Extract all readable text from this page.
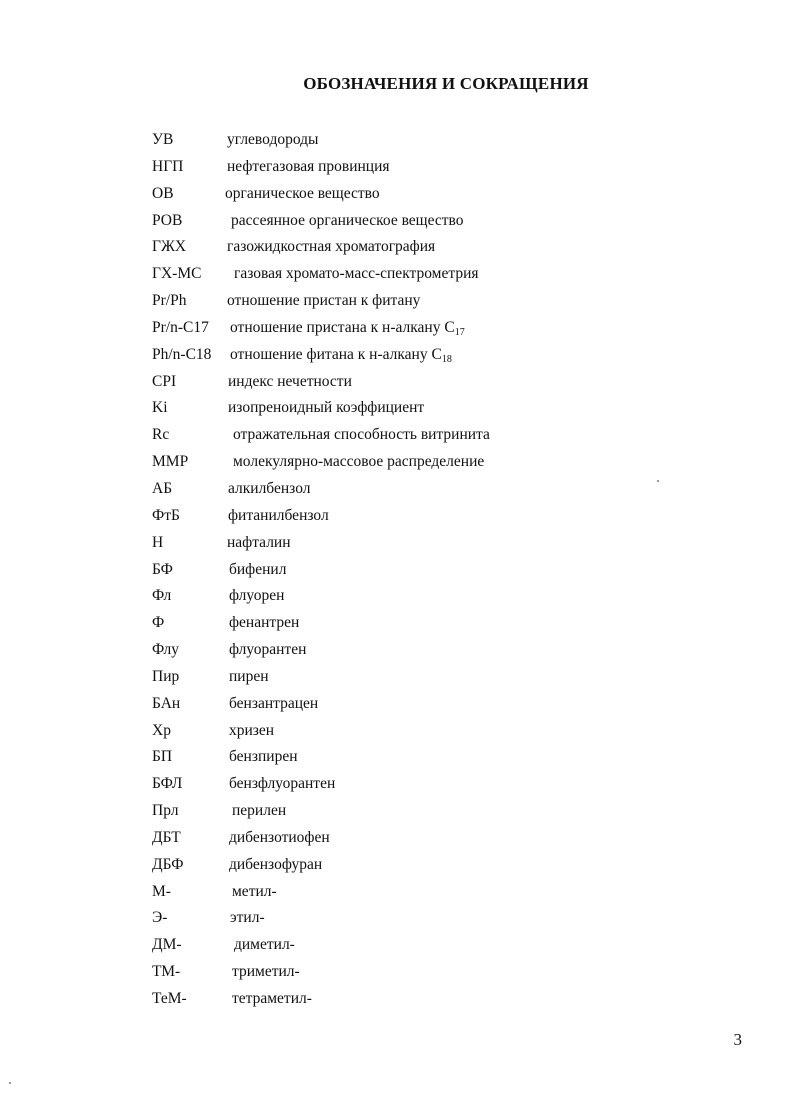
ОБОЗНАЧЕНИЯ И СОКРАЩЕНИЯ
УВ	углеводороды
НГП	нефтегазовая провинция
ОВ	органическое вещество
РОВ	рассеянное органическое вещество
ГЖХ	газожидкостная хроматография
ГХ-МС газовая хромато-масс-спектрометрия
Pr/Ph	отношение пристан к фитану
Pr/n-C17 отношение пристана к н-алкану $C_{17}$
Ph/n-C18 отношение фитана к н-алкану $C_{18}$
CPI	индекс нечетности
Ki	изопреноидный коэффициент
Rc	отражательная способность витринита
ММР	молекулярно-массовое распределение
АБ	алкилбензол
ФтБ	фитанилбензол
Н	нафталин
БФ	бифенил
Фл	флуорен
Ф	фенантрен
Флу	флуорантен
Пир	пирен
БАн	бензантрацен
Хр	хризен
БП	бензпирен
БФЛ	бензфлуорантен
Прл	перилен
ДБТ	дибензотиофен
ДБФ	дибензофуран
М-	метил-
Э-	этил-
ДМ-	диметил-
ТМ-	триметил-
ТеМ-	тетраметил-
3
